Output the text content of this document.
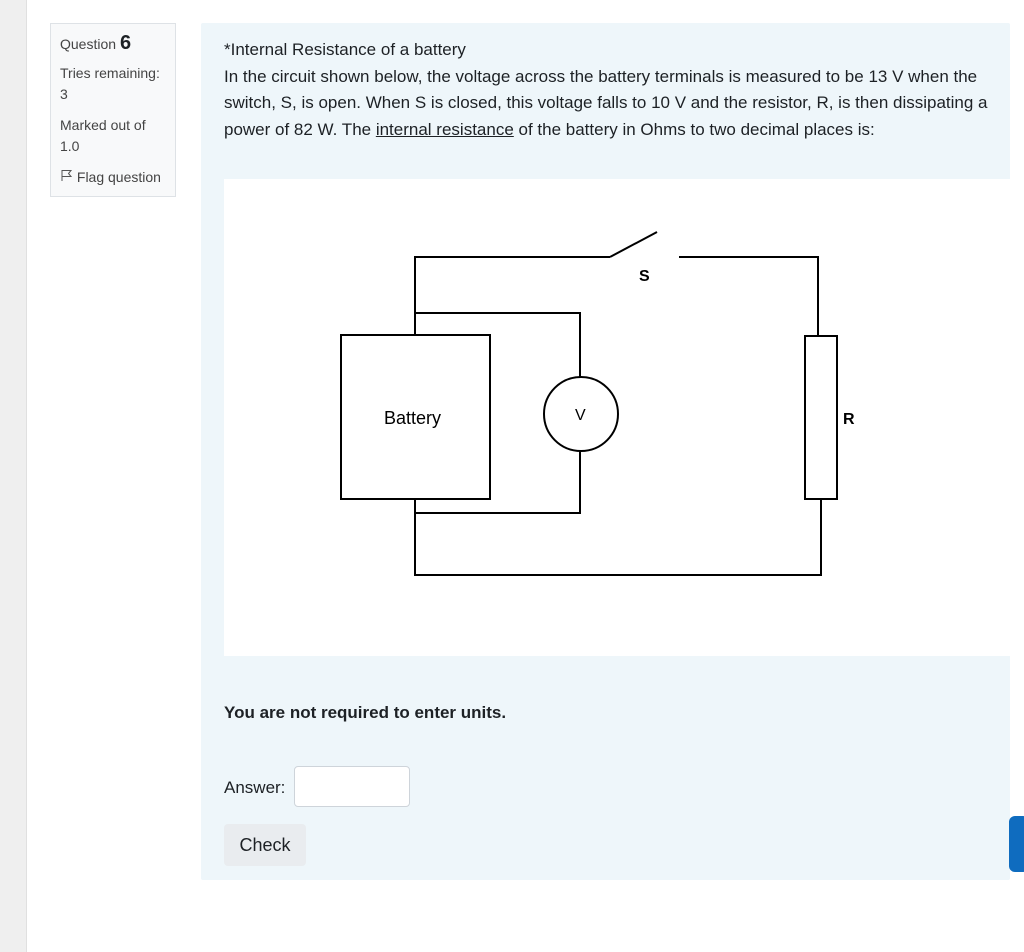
Question 6
Tries remaining: 3
Marked out of 1.0
Flag question
*Internal Resistance of a battery
In the circuit shown below, the voltage across the battery terminals is measured to be 13 V when the switch, S, is open. When S is closed, this voltage falls to 10 V and the resistor, R, is then dissipating a power of 82 W. The internal resistance of the battery in Ohms to two decimal places is:
Battery	V
S
R
You are not required to enter units.
Answer:
Check
